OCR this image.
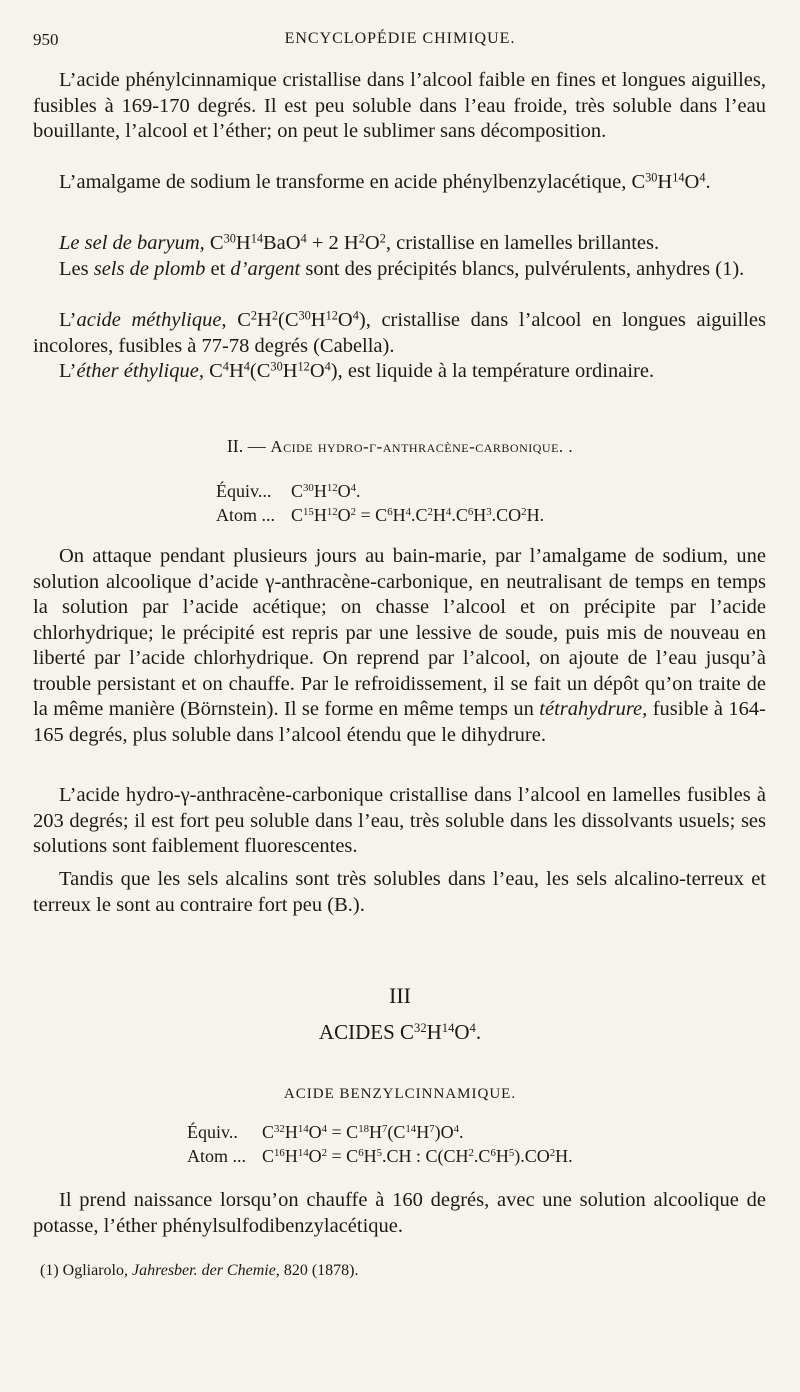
950	ENCYCLOPÉDIE CHIMIQUE.

L’acide phénylcinnamique cristallise dans l’alcool faible en fines et longues aiguilles, fusibles à 169-170 degrés. Il est peu soluble dans l’eau froide, très soluble dans l’eau bouillante, l’alcool et l’éther; on peut le sublimer sans décomposition.

L’amalgame de sodium le transforme en acide phénylbenzylacétique, $C^{30}H^{14}O^4$.

Le sel de baryum, $C^{30}H^{14}BaO^4 + 2$ $H^2O^2$, cristallise en lamelles brillantes.

Les sels de plomb et d’argent sont des précipités blancs, pulvérulents, anhydres (1).

L’acide méthylique, $C^2H^2(C^{30}H^{12}O^4)$, cristallise dans l’alcool en longues aiguilles incolores, fusibles à 77-78 degrés (Cabella).

L’éther éthylique, $C^4H^4(C^{30}H^{12}O^4)$, est liquide à la température ordinaire.

II. — Acide hydro-γ-anthracène-carbonique. .
Équiv... $C^{30}H^{12}O^4$.
Atom ... $C^{15}H^{12}O^2 = C^6H^4.C^2H^4.C^6H^3.CO^2H$.

On attaque pendant plusieurs jours au bain-marie, par l’amalgame de sodium, une solution alcoolique d’acide γ-anthracène-carbonique, en neutralisant de temps en temps la solution par l’acide acétique; on chasse l’alcool et on précipite par l’acide chlorhydrique; le précipité est repris par une lessive de soude, puis mis de nouveau en liberté par l’acide chlorhydrique. On reprend par l’alcool, on ajoute de l’eau jusqu’à trouble persistant et on chauffe. Par le refroidissement, il se fait un dépôt qu’on traite de la même manière (Börnstein). Il se forme en même temps un tétrahydrure, fusible à 164-165 degrés, plus soluble dans l’alcool étendu que le dihydrure.

L’acide hydro-γ-anthracène-carbonique cristallise dans l’alcool en lamelles fusibles à 203 degrés; il est fort peu soluble dans l’eau, très soluble dans les dissolvants usuels; ses solutions sont faiblement fluorescentes.

Tandis que les sels alcalins sont très solubles dans l’eau, les sels alcalino-terreux et terreux le sont au contraire fort peu (B.).

III
ACIDES $C^{32}H^{14}O^4$.
ACIDE BENZYLCINNAMIQUE.
Équiv.. $C^{32}H^{14}O^4 = C^{18}H^7(C^{14}H^7)O^4$.
Atom ... $C^{16}H^{14}O^2 = C^6H^5.CH$ : $C(CH^2.C^6H^5).CO^2H$.

Il prend naissance lorsqu’on chauffe à 160 degrés, avec une solution alcoolique de potasse, l’éther phénylsulfodibenzylacétique.

(1) Ogliarolo, Jahresber. der Chemie, 820 (1878).
